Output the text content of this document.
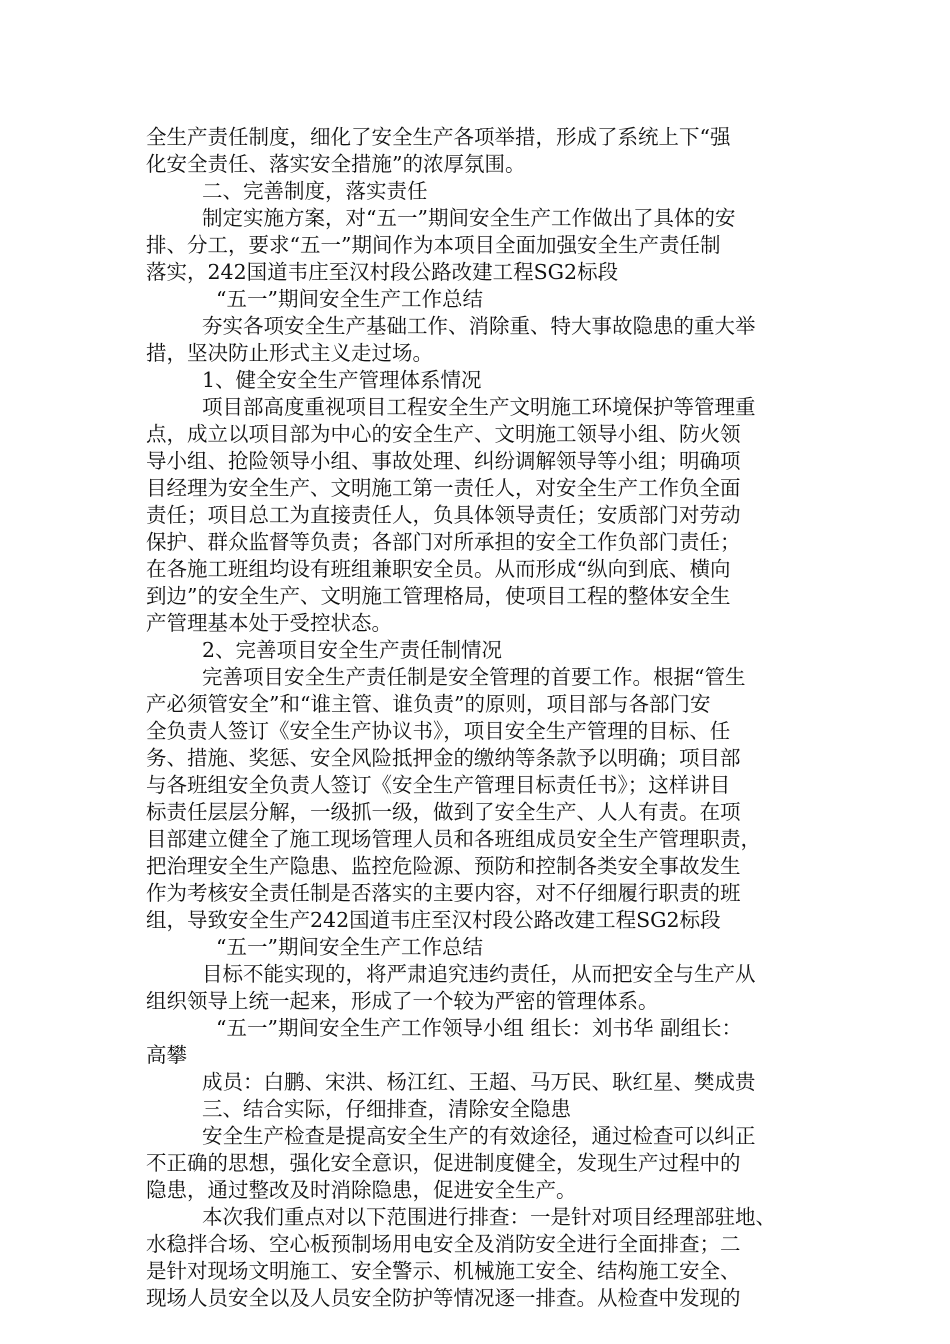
全生产责任制度，细化了安全生产各项举措，形成了系统上下“强
化安全责任、落实安全措施”的浓厚氛围。
二、完善制度，落实责任
制定实施方案，对“五一”期间安全生产工作做出了具体的安
排、分工，要求“五一”期间作为本项目全面加强安全生产责任制
落实，242国道韦庄至汉村段公路改建工程SG2标段
“五一”期间安全生产工作总结
夯实各项安全生产基础工作、消除重、特大事故隐患的重大举
措，坚决防止形式主义走过场。
1、健全安全生产管理体系情况
项目部高度重视项目工程安全生产文明施工环境保护等管理重
点，成立以项目部为中心的安全生产、文明施工领导小组、防火领
导小组、抢险领导小组、事故处理、纠纷调解领导等小组；明确项
目经理为安全生产、文明施工第一责任人，对安全生产工作负全面
责任；项目总工为直接责任人，负具体领导责任；安质部门对劳动
保护、群众监督等负责；各部门对所承担的安全工作负部门责任；
在各施工班组均设有班组兼职安全员。从而形成“纵向到底、横向
到边”的安全生产、文明施工管理格局，使项目工程的整体安全生
产管理基本处于受控状态。
2、完善项目安全生产责任制情况
完善项目安全生产责任制是安全管理的首要工作。根据“管生
产必须管安全”和“谁主管、谁负责”的原则，项目部与各部门安
全负责人签订《安全生产协议书》，项目安全生产管理的目标、任
务、措施、奖惩、安全风险抵押金的缴纳等条款予以明确；项目部
与各班组安全负责人签订《安全生产管理目标责任书》；这样讲目
标责任层层分解，一级抓一级，做到了安全生产、人人有责。在项
目部建立健全了施工现场管理人员和各班组成员安全生产管理职责，
把治理安全生产隐患、监控危险源、预防和控制各类安全事故发生
作为考核安全责任制是否落实的主要内容，对不仔细履行职责的班
组，导致安全生产242国道韦庄至汉村段公路改建工程SG2标段
“五一”期间安全生产工作总结
目标不能实现的，将严肃追究违约责任，从而把安全与生产从
组织领导上统一起来，形成了一个较为严密的管理体系。
“五一”期间安全生产工作领导小组 组长：刘书华 副组长：
高攀
成员：白鹏、宋洪、杨江红、王超、马万民、耿红星、樊成贵
三、结合实际，仔细排查，清除安全隐患
安全生产检查是提高安全生产的有效途径，通过检查可以纠正
不正确的思想，强化安全意识，促进制度健全，发现生产过程中的
隐患，通过整改及时消除隐患，促进安全生产。
本次我们重点对以下范围进行排查：一是针对项目经理部驻地、
水稳拌合场、空心板预制场用电安全及消防安全进行全面排查；二
是针对现场文明施工、安全警示、机械施工安全、结构施工安全、
现场人员安全以及人员安全防护等情况逐一排查。从检查中发现的
